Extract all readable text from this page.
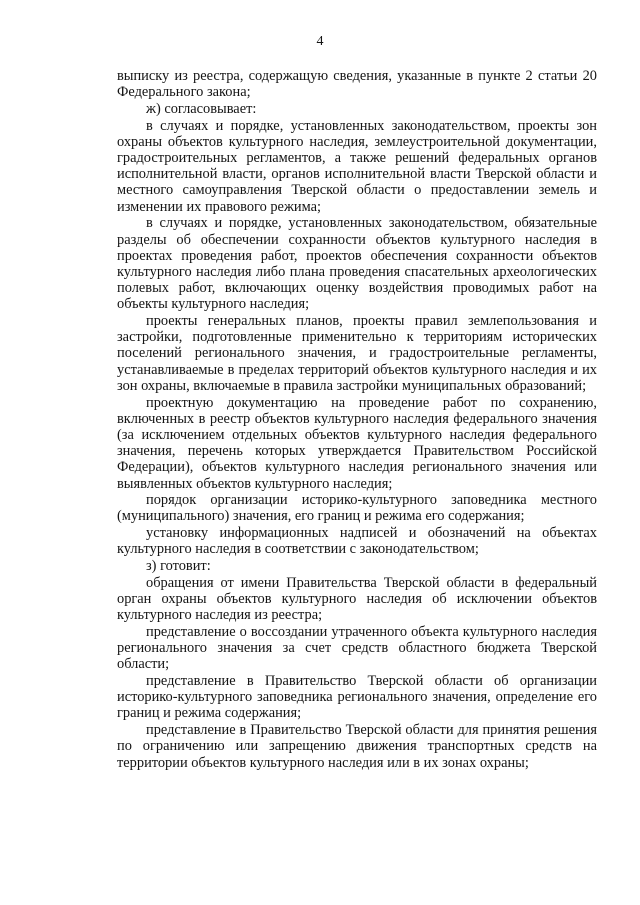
4

выписку из реестра, содержащую сведения, указанные в пункте 2 статьи 20 Федерального закона;

ж) согласовывает:

в случаях и порядке, установленных законодательством, проекты зон охраны объектов культурного наследия, землеустроительной документации, градостроительных регламентов, а также решений федеральных органов исполнительной власти, органов исполнительной власти Тверской области и местного самоуправления Тверской области о предоставлении земель и изменении их правового режима;

в случаях и порядке, установленных законодательством, обязательные разделы об обеспечении сохранности объектов культурного наследия в проектах проведения работ, проектов обеспечения сохранности объектов культурного наследия либо плана проведения спасательных археологических полевых работ, включающих оценку воздействия проводимых работ на объекты культурного наследия;

проекты генеральных планов, проекты правил землепользования и застройки, подготовленные применительно к территориям исторических поселений регионального значения, и градостроительные регламенты, устанавливаемые в пределах территорий объектов культурного наследия и их зон охраны, включаемые в правила застройки муниципальных образований;

проектную документацию на проведение работ по сохранению, включенных в реестр объектов культурного наследия федерального значения (за исключением отдельных объектов культурного наследия федерального значения, перечень которых утверждается Правительством Российской Федерации), объектов культурного наследия регионального значения или выявленных объектов культурного наследия;

порядок организации историко-культурного заповедника местного (муниципального) значения, его границ и режима его содержания;

установку информационных надписей и обозначений на объектах культурного наследия в соответствии с законодательством;

з) готовит:

обращения от имени Правительства Тверской области в федеральный орган охраны объектов культурного наследия об исключении объектов культурного наследия из реестра;

представление о воссоздании утраченного объекта культурного наследия регионального значения за счет средств областного бюджета Тверской области;

представление в Правительство Тверской области об организации историко-культурного заповедника регионального значения, определение его границ и режима содержания;

представление в Правительство Тверской области для принятия решения по ограничению или запрещению движения транспортных средств на территории объектов культурного наследия или в их зонах охраны;
